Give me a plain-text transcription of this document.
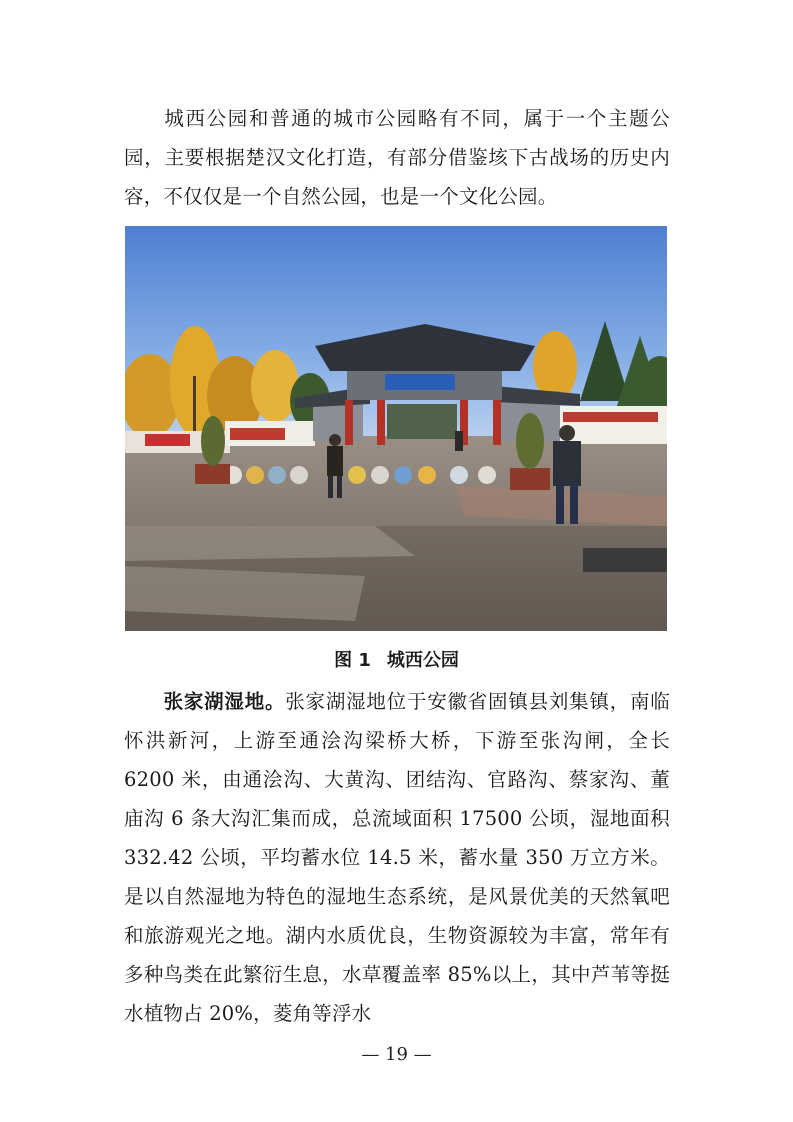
城西公园和普通的城市公园略有不同，属于一个主题公园，主要根据楚汉文化打造，有部分借鉴垓下古战场的历史内容，不仅仅是一个自然公园，也是一个文化公园。

图 1 城西公园

张家湖湿地。张家湖湿地位于安徽省固镇县刘集镇，南临怀洪新河，上游至通浍沟梁桥大桥，下游至张沟闸，全长 6200 米，由通浍沟、大黄沟、团结沟、官路沟、蔡家沟、董庙沟 6 条大沟汇集而成，总流域面积 17500 公顷，湿地面积 332.42 公顷，平均蓄水位 14.5 米，蓄水量 350 万立方米。是以自然湿地为特色的湿地生态系统，是风景优美的天然氧吧和旅游观光之地。湖内水质优良，生物资源较为丰富，常年有多种鸟类在此繁衍生息，水草覆盖率 85%以上，其中芦苇等挺水植物占 20%，菱角等浮水

— 19 —
